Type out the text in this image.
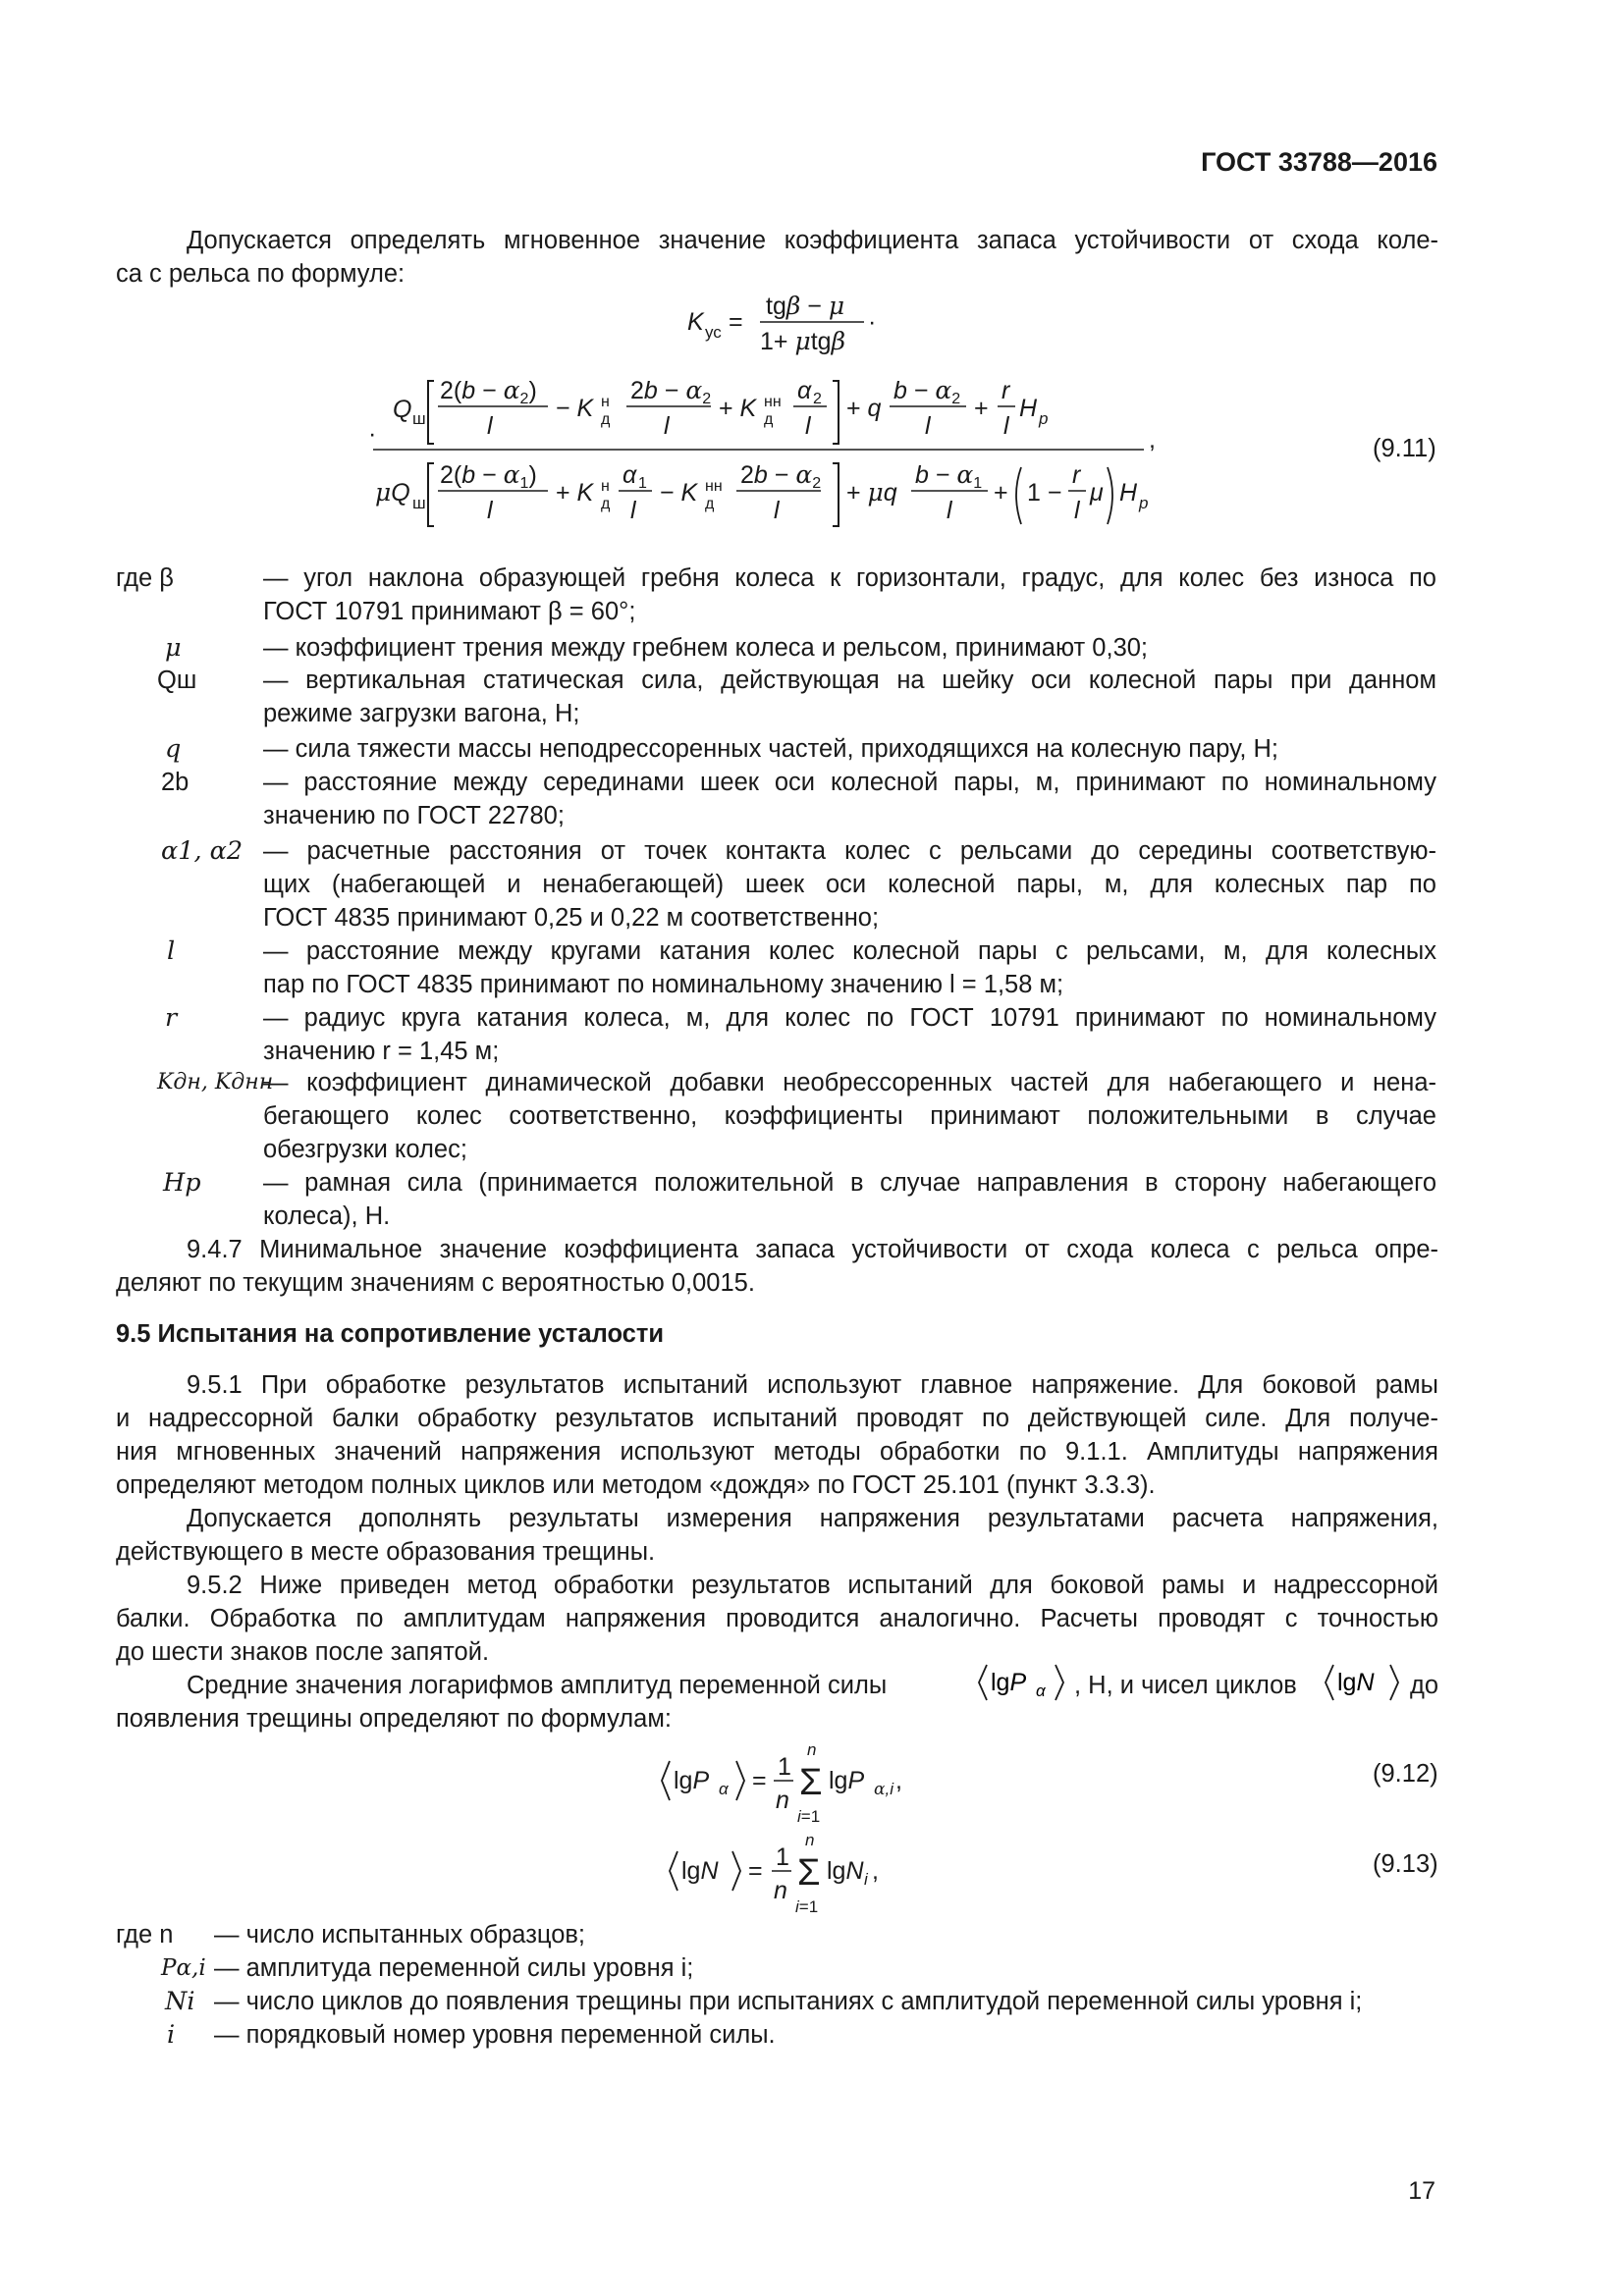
ГОСТ 33788—2016
Допускается определять мгновенное значение коэффициента запаса устойчивости от схода коле-
са с рельса по формуле:
K ус =
tgβ − μ
1+ μtgβ
·
·
Q ш
$2(b - \alpha_2)$
l
− K н
д
$2b - \alpha_2$
l
+ K нн
д
α 2
l
+ q
$b - \alpha_2$
l
+
r
l
H p
,
μQ ш
$2(b - \alpha_1)$
l
+ K н
д
α 1
l
− K нн
д
$2b - \alpha_2$
l
+ μq
$b - \alpha_1$
l
+ 1 −
r
l
μ H p
(9.11)
где β	— угол наклона образующей гребня колеса к горизонтали, градус, для колес без износа по
ГОСТ 10791 принимают β = 60°;
μ	— коэффициент трения между гребнем колеса и рельсом, принимают 0,30;
Qш	— вертикальная статическая сила, действующая на шейку оси колесной пары при данном
режиме загрузки вагона, Н;
q	— сила тяжести массы неподрессоренных частей, приходящихся на колесную пару, Н;
2b	— расстояние между серединами шеек оси колесной пары, м, принимают по номинальному
значению по ГОСТ 22780;
α1, α2 — расчетные расстояния от точек контакта колес с рельсами до середины соответствую-
щих (набегающей и ненабегающей) шеек оси колесной пары, м, для колесных пар по
ГОСТ 4835 принимают 0,25 и 0,22 м соответственно;
l	— расстояние между кругами катания колес колесной пары с рельсами, м, для колесных
пар по ГОСТ 4835 принимают по номинальному значению l = 1,58 м;
r	— радиус круга катания колеса, м, для колес по ГОСТ 10791 принимают по номинальному
значению r = 1,45 м;
Kдн, Kднн
— коэффициент динамической добавки необрессоренных частей для набегающего и нена-
бегающего колес соответственно, коэффициенты принимают положительными в случае
обезгрузки колес;
Hp — рамная сила (принимается положительной в случае направления в сторону набегающего
колеса), Н.
9.4.7 Минимальное значение коэффициента запаса устойчивости от схода колеса с рельса опре-
деляют по текущим значениям с вероятностью 0,0015.
9.5 Испытания на сопротивление усталости
9.5.1 При обработке результатов испытаний используют главное напряжение. Для боковой рамы
и надрессорной балки обработку результатов испытаний проводят по действующей силе. Для получе-
ния мгновенных значений напряжения используют методы обработки по 9.1.1. Амплитуды напряжения
определяют методом полных циклов или методом «дождя» по ГОСТ 25.101 (пункт 3.3.3).
Допускается дополнять результаты измерения напряжения результатами расчета напряжения,
действующего в месте образования трещины.
9.5.2 Ниже приведен метод обработки результатов испытаний для боковой рамы и надрессорной
балки. Обработка по амплитудам напряжения проводится аналогично. Расчеты проводят с точностью
до шести знаков после запятой.
Средние значения логарифмов амплитуд переменной силы	lgP α , Н, и чисел циклов lgN до
появления трещины определяют по формулам:
lgP α = 1
n Σ
n
i=1
lgP α,i ,	(9.12)
lgN = 1
n Σ
n
i=1
lgN i ,	(9.13)
где n — число испытанных образцов;
Pα,i — амплитуда переменной силы уровня i;
Ni — число циклов до появления трещины при испытаниях с амплитудой переменной силы уровня i;
i — порядковый номер уровня переменной силы.
17
